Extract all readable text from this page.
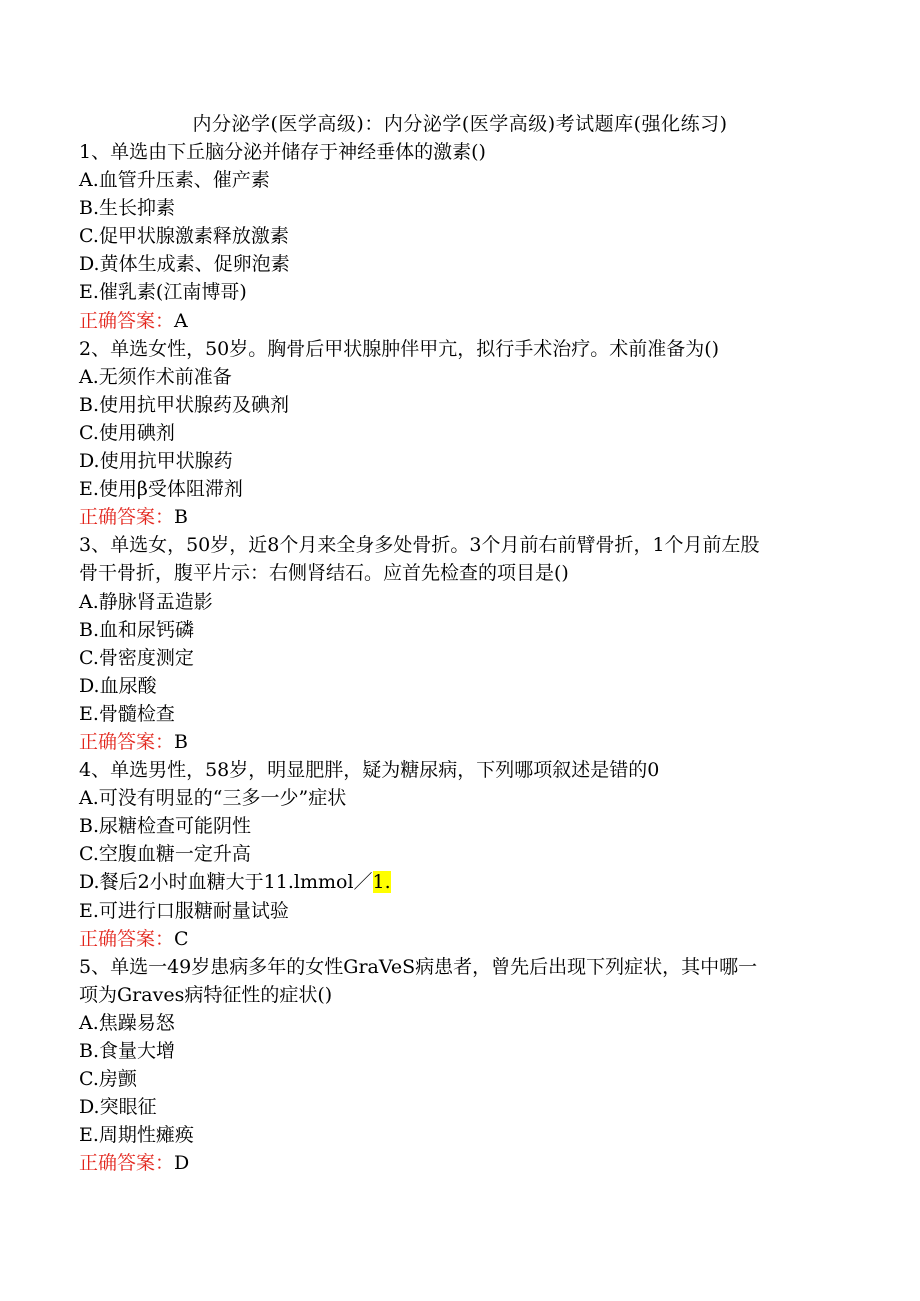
内分泌学(医学高级)：内分泌学(医学高级)考试题库(强化练习)
1、单选由下丘脑分泌并储存于神经垂体的激素()
A.血管升压素、催产素
B.生长抑素
C.促甲状腺激素释放激素
D.黄体生成素、促卵泡素
E.催乳素(江南博哥)
正确答案：A
2、单选女性，50岁。胸骨后甲状腺肿伴甲亢，拟行手术治疗。术前准备为()
A.无须作术前准备
B.使用抗甲状腺药及碘剂
C.使用碘剂
D.使用抗甲状腺药
E.使用β受体阻滞剂
正确答案：B
3、单选女，50岁，近8个月来全身多处骨折。3个月前右前臂骨折，1个月前左股
骨干骨折，腹平片示：右侧肾结石。应首先检查的项目是()
A.静脉肾盂造影
B.血和尿钙磷
C.骨密度测定
D.血尿酸
E.骨髓检查
正确答案：B
4、单选男性，58岁，明显肥胖，疑为糖尿病，下列哪项叙述是错的0
A.可没有明显的“三多一少”症状
B.尿糖检查可能阴性
C.空腹血糖一定升高
D.餐后2小时血糖大于11.lmmol／1.
E.可进行口服糖耐量试验
正确答案：C
5、单选一49岁患病多年的女性GraVeS病患者，曾先后出现下列症状，其中哪一
项为Graves病特征性的症状()
A.焦躁易怒
B.食量大增
C.房颤
D.突眼征
E.周期性瘫痪
正确答案：D
